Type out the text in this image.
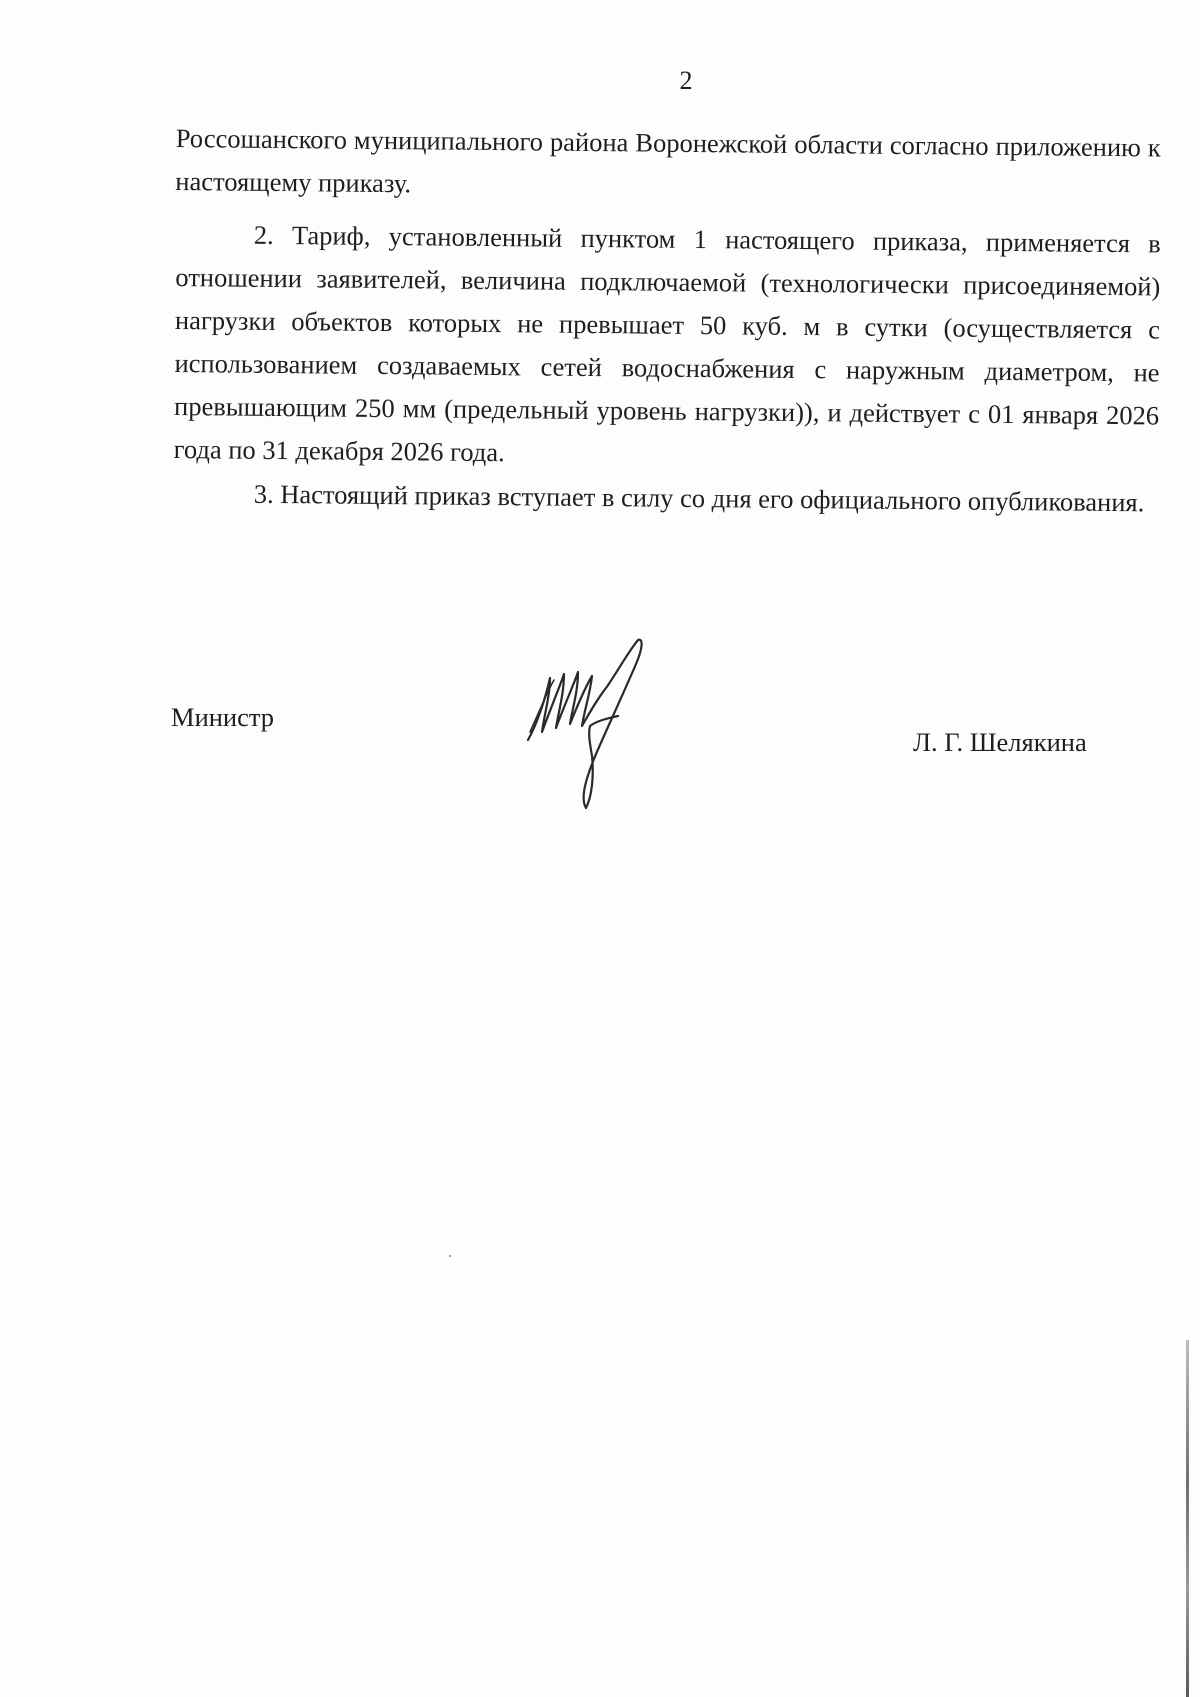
2

Россошанского муниципального района Воронежской области согласно приложению к настоящему приказу.

2. Тариф, установленный пунктом 1 настоящего приказа, применяется в отношении заявителей, величина подключаемой (технологически присоединяемой) нагрузки объектов которых не превышает 50 куб. м в сутки (осуществляется с использованием создаваемых сетей водоснабжения с наружным диаметром, не превышающим 250 мм (предельный уровень нагрузки)), и действует с 01 января 2026 года по 31 декабря 2026 года.

3. Настоящий приказ вступает в силу со дня его официального опубликования.

Министр
Л. Г. Шелякина
